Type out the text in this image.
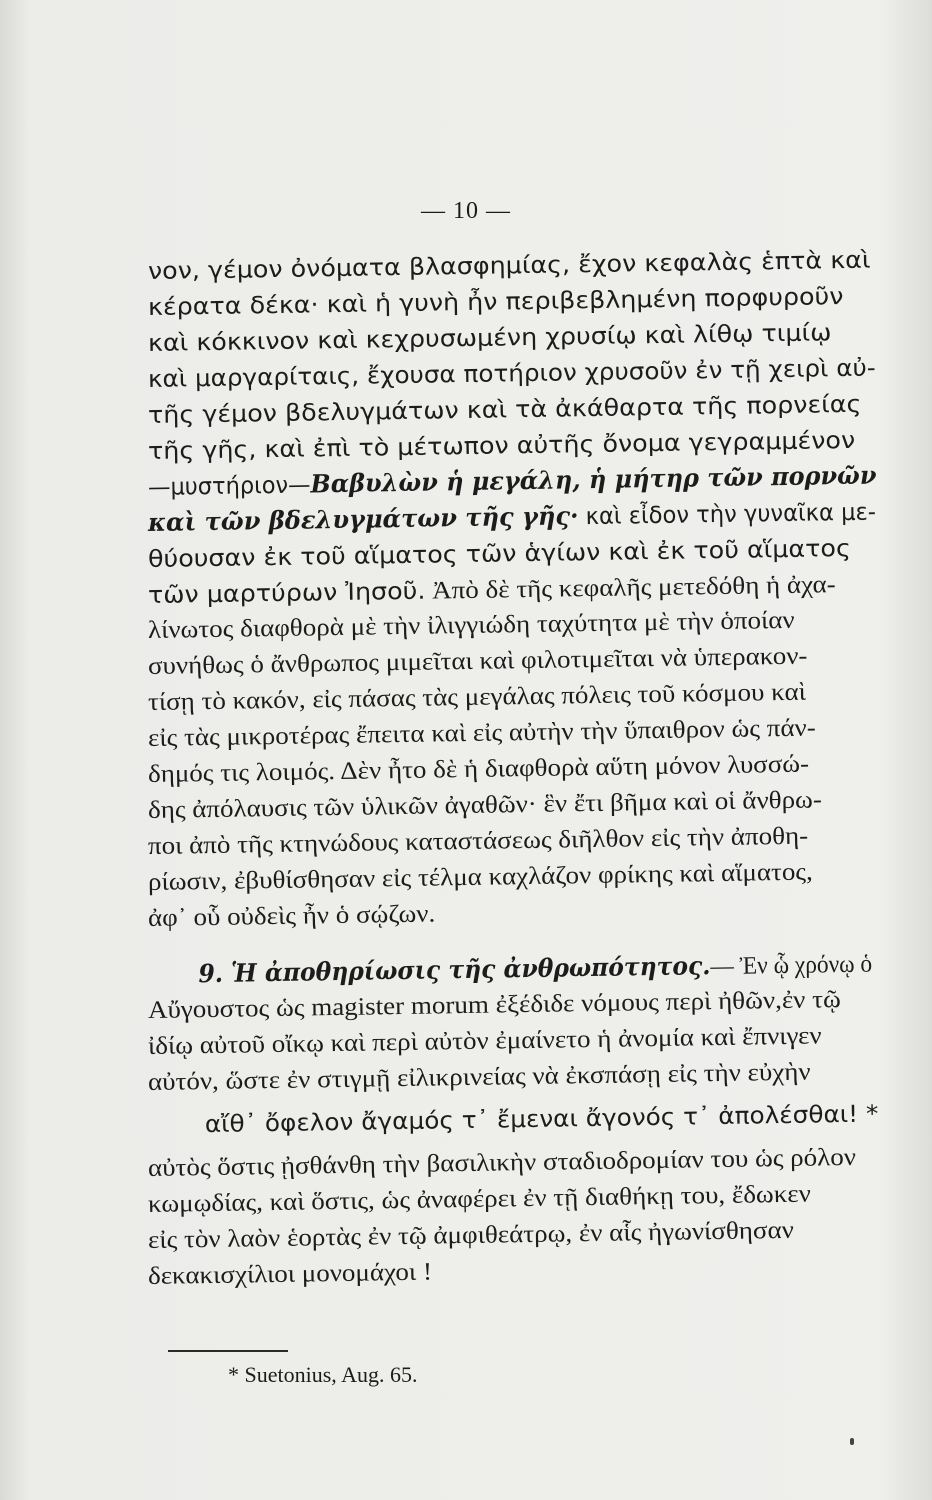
— 10 —
νον, γέμον ὀνόματα βλασφημίας, ἔχον κεφαλὰς ἑπτὰ καὶ
κέρατα δέκα· καὶ ἡ γυνὴ ἦν περιβεβλημένη πορφυροῦν
καὶ κόκκινον καὶ κεχρυσωμένη χρυσίῳ καὶ λίθῳ τιμίῳ
καὶ μαργαρίταις, ἔχουσα ποτήριον χρυσοῦν ἐν τῇ χειρὶ αὐ-
τῆς γέμον βδελυγμάτων καὶ τὰ ἀκάθαρτα τῆς πορνείας
τῆς γῆς, καὶ ἐπὶ τὸ μέτωπον αὐτῆς ὄνομα γεγραμμένον
—μυστήριον—Βαβυλὼν ἡ μεγάλη, ἡ μήτηρ τῶν πορνῶν
καὶ τῶν βδελυγμάτων τῆς γῆς· καὶ εἶδον τὴν γυναῖκα με-
θύουσαν ἐκ τοῦ αἵματος τῶν ἁγίων καὶ ἐκ τοῦ αἵματος
τῶν μαρτύρων Ἰησοῦ. Ἀπὸ δὲ τῆς κεφαλῆς μετεδόθη ἡ ἀχα-
λίνωτος διαφθορὰ μὲ τὴν ἰλιγγιώδη ταχύτητα μὲ τὴν ὁποίαν
συνήθως ὁ ἄνθρωπος μιμεῖται καὶ φιλοτιμεῖται νὰ ὑπερακον-
τίσῃ τὸ κακόν, εἰς πάσας τὰς μεγάλας πόλεις τοῦ κόσμου καὶ
εἰς τὰς μικροτέρας ἔπειτα καὶ εἰς αὐτὴν τὴν ὕπαιθρον ὡς πάν-
δημός τις λοιμός. Δὲν ἦτο δὲ ἡ διαφθορὰ αὕτη μόνον λυσσώ-
δης ἀπόλαυσις τῶν ὑλικῶν ἀγαθῶν· ἓν ἔτι βῆμα καὶ οἱ ἄνθρω-
ποι ἀπὸ τῆς κτηνώδους καταστάσεως διῆλθον εἰς τὴν ἀποθη-
ρίωσιν, ἐβυθίσθησαν εἰς τέλμα καχλάζον φρίκης καὶ αἵματος,
ἀφ᾽ οὗ οὐδεὶς ἦν ὁ σῴζων.
9. Ἡ ἀποθηρίωσις τῆς ἀνθρωπότητος.— Ἐν ᾧ χρόνῳ ὁ
Αὔγουστος ὡς magister morum ἐξέδιδε νόμους περὶ ἠθῶν,ἐν τῷ
ἰδίῳ αὐτοῦ οἴκῳ καὶ περὶ αὐτὸν ἐμαίνετο ἡ ἀνομία καὶ ἔπνιγεν
αὐτόν, ὥστε ἐν στιγμῇ εἰλικρινείας νὰ ἐκσπάσῃ εἰς τὴν εὐχὴν
αἴθ᾽ ὄφελον ἄγαμός τ᾽ ἔμεναι ἄγονός τ᾽ ἀπολέσθαι! *
αὐτὸς ὅστις ᾐσθάνθη τὴν βασιλικὴν σταδιοδρομίαν του ὡς ρόλον
κωμῳδίας, καὶ ὅστις, ὡς ἀναφέρει ἐν τῇ διαθήκῃ του, ἔδωκεν
εἰς τὸν λαὸν ἑορτὰς ἐν τῷ ἀμφιθεάτρῳ, ἐν αἷς ἠγωνίσθησαν
δεκακισχίλιοι μονομάχοι !
* Suetonius, Aug. 65.
